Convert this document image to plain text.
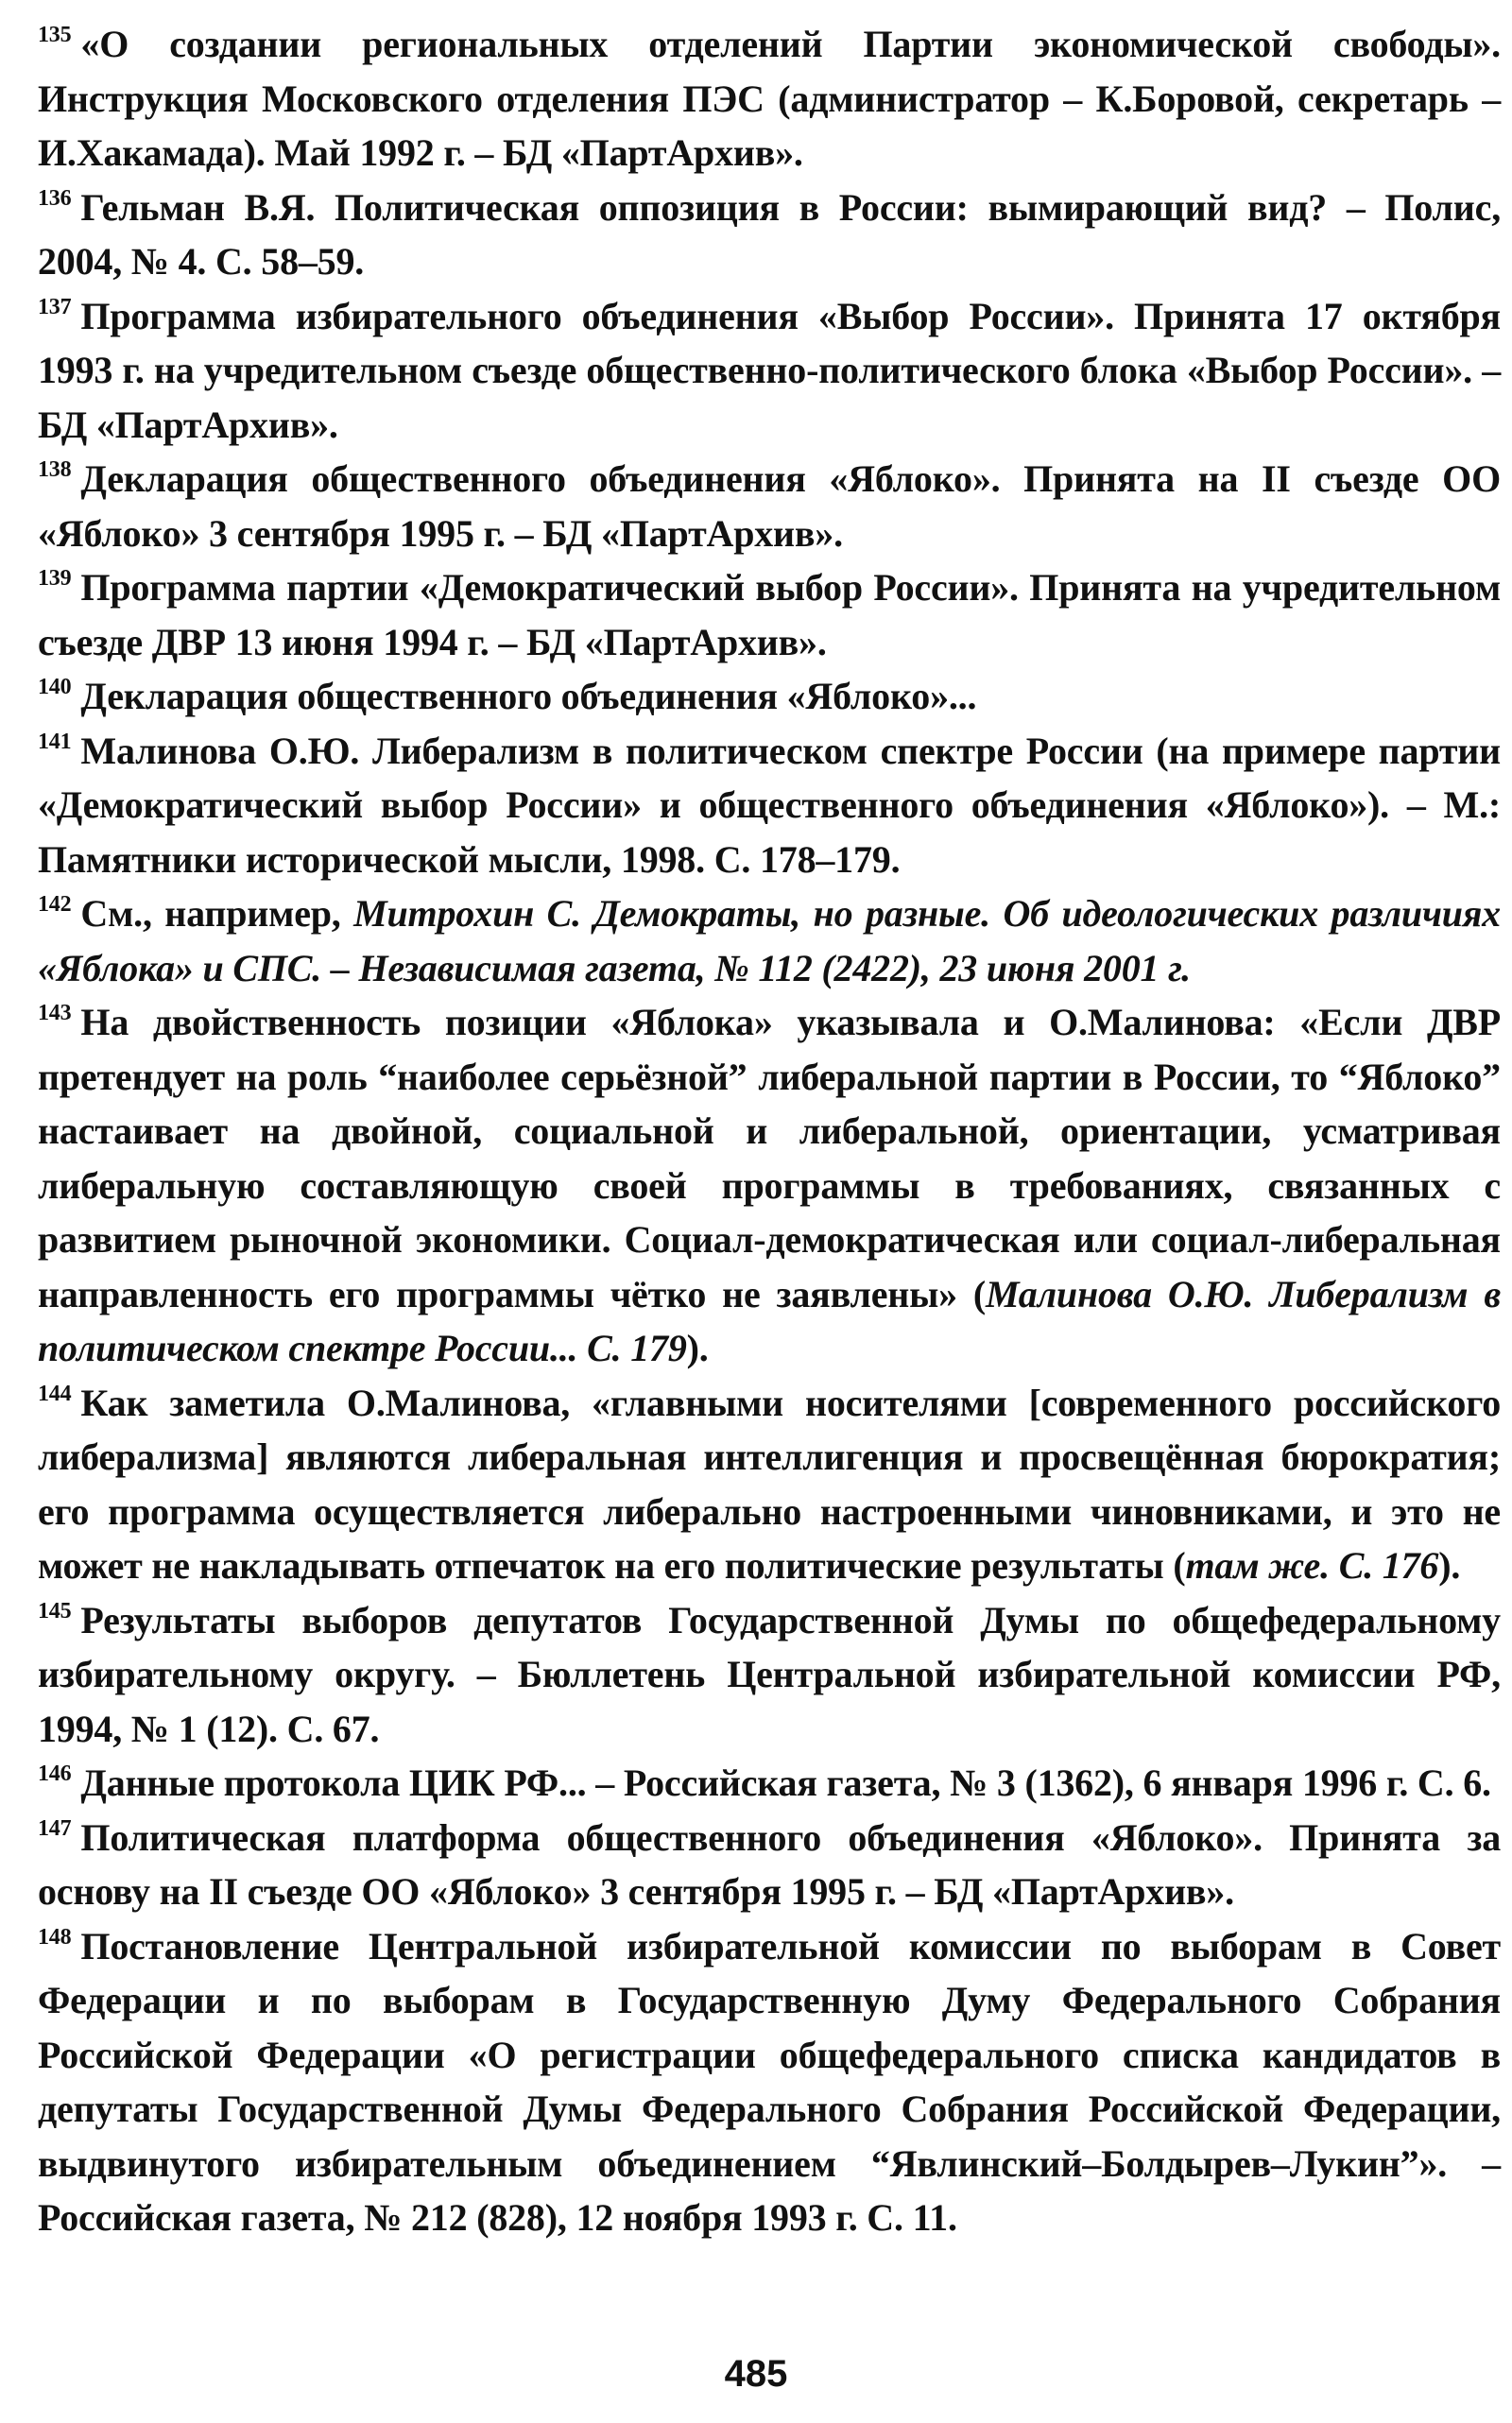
$^{135}$ «О создании региональных отделений Партии экономической свободы». Инструкция Московского отделения ПЭС (администратор – К.Боровой, секретарь – И.Хакамада). Май 1992 г. – БД «ПартАрхив».

$^{136}$ Гельман В.Я. Политическая оппозиция в России: вымирающий вид? – Полис, 2004, № 4. С. 58–59.

$^{137}$ Программа избирательного объединения «Выбор России». Принята 17 октября 1993 г. на учредительном съезде общественно-политического блока «Выбор России». – БД «ПартАрхив».

$^{138}$ Декларация общественного объединения «Яблоко». Принята на II съезде ОО «Яблоко» 3 сентября 1995 г. – БД «ПартАрхив».

$^{139}$ Программа партии «Демократический выбор России». Принята на учредительном съезде ДВР 13 июня 1994 г. – БД «ПартАрхив».

$^{140}$ Декларация общественного объединения «Яблоко»...

$^{141}$ Малинова О.Ю. Либерализм в политическом спектре России (на примере партии «Демократический выбор России» и общественного объединения «Яблоко»). – М.: Памятники исторической мысли, 1998. С. 178–179.

$^{142}$ См., например, Митрохин С. Демократы, но разные. Об идеологических различиях «Яблока» и СПС. – Независимая газета, № 112 (2422), 23 июня 2001 г.

$^{143}$ На двойственность позиции «Яблока» указывала и О.Малинова: «Если ДВР претендует на роль “наиболее серьёзной” либеральной партии в России, то “Яблоко” настаивает на двойной, социальной и либеральной, ориентации, усматривая либеральную составляющую своей программы в требованиях, связанных с развитием рыночной экономики. Социал-демократическая или социал-либеральная направленность его программы чётко не заявлены» (Малинова О.Ю. Либерализм в политическом спектре России... С. 179).

$^{144}$ Как заметила О.Малинова, «главными носителями [современного российского либерализма] являются либеральная интеллигенция и просвещённая бюрократия; его программа осуществляется либерально настроенными чиновниками, и это не может не накладывать отпечаток на его политические результаты (там же. С. 176).

$^{145}$ Результаты выборов депутатов Государственной Думы по общефедеральному избирательному округу. – Бюллетень Центральной избирательной комиссии РФ, 1994, № 1 (12). С. 67.

$^{146}$ Данные протокола ЦИК РФ... – Российская газета, № 3 (1362), 6 января 1996 г. С. 6.

$^{147}$ Политическая платформа общественного объединения «Яблоко». Принята за основу на II съезде ОО «Яблоко» 3 сентября 1995 г. – БД «ПартАрхив».

$^{148}$ Постановление Центральной избирательной комиссии по выборам в Совет Федерации и по выборам в Государственную Думу Федерального Собрания Российской Федерации «О регистрации общефедерального списка кандидатов в депутаты Государственной Думы Федерального Собрания Российской Федерации, выдвинутого избирательным объединением “Явлинский–Болдырев–Лукин”». – Российская газета, № 212 (828), 12 ноября 1993 г. С. 11.

485
